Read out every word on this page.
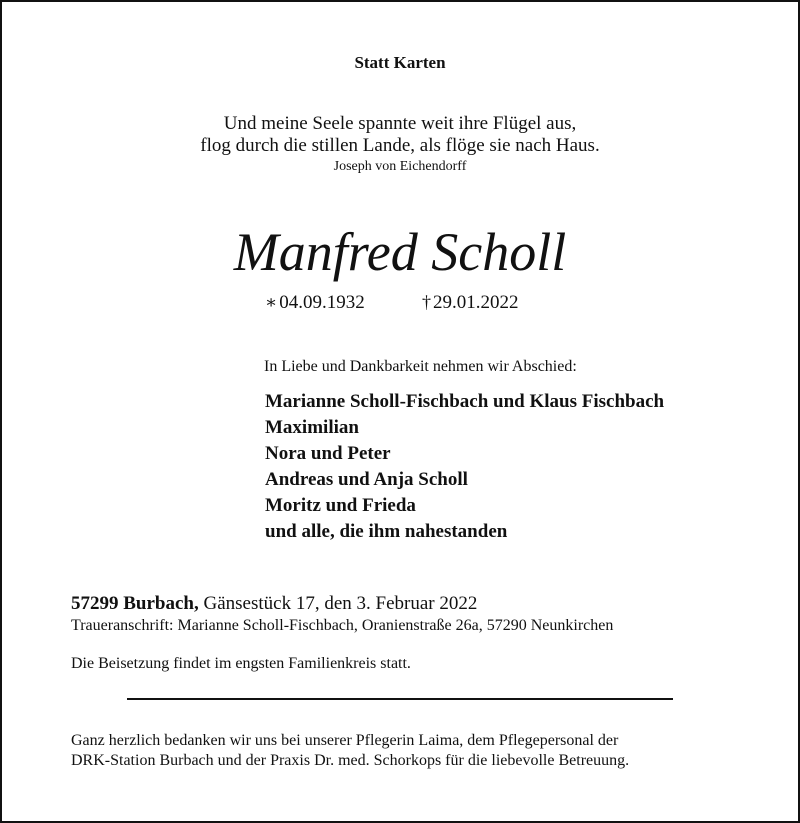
Statt Karten
Und meine Seele spannte weit ihre Flügel aus,
flog durch die stillen Lande, als flöge sie nach Haus.
Joseph von Eichendorff
Manfred Scholl
∗ 04.09.1932	† 29.01.2022
In Liebe und Dankbarkeit nehmen wir Abschied:
Marianne Scholl-Fischbach und Klaus Fischbach
Maximilian
Nora und Peter
Andreas und Anja Scholl
Moritz und Frieda
und alle, die ihm nahestanden
57299 Burbach, Gänsestück 17, den 3. Februar 2022
Traueranschrift: Marianne Scholl-Fischbach, Oranienstraße 26a, 57290 Neunkirchen
Die Beisetzung findet im engsten Familienkreis statt.
Ganz herzlich bedanken wir uns bei unserer Pflegerin Laima, dem Pflegepersonal der
DRK-Station Burbach und der Praxis Dr. med. Schorkops für die liebevolle Betreuung.
